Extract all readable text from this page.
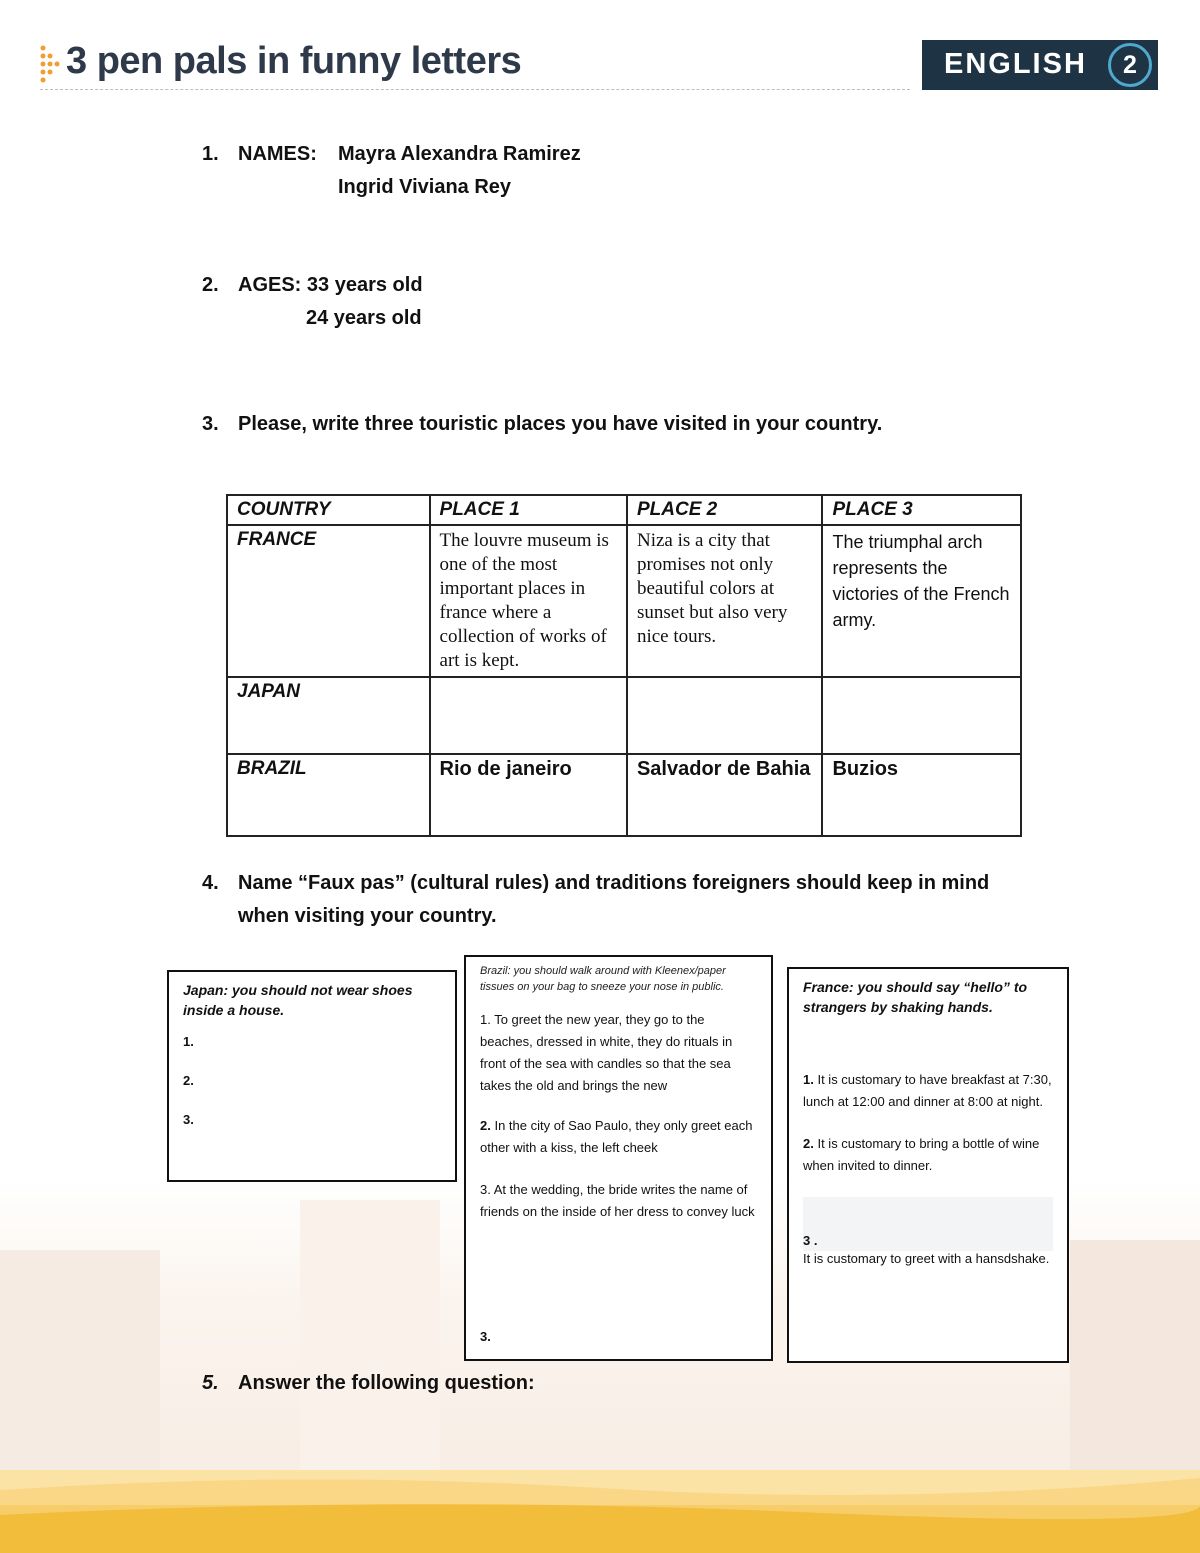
3 pen pals in funny letters	ENGLISH	2
1. NAMES: Mayra Alexandra Ramirez
Ingrid Viviana Rey
2. AGES: 33 years old
24 years old
3. Please, write three touristic places you have visited in your country.
COUNTRY	PLACE 1	PLACE 2	PLACE 3
FRANCE	The louvre museum is one of the most important places in france where a collection of works of art is kept.	Niza is a city that promises not only beautiful colors at sunset but also very nice tours.	The triumphal arch represents the victories of the French army.
JAPAN			
BRAZIL	Rio de janeiro	Salvador de Bahia	Buzios
4. Name “Faux pas” (cultural rules) and traditions foreigners should keep in mind
when visiting your country.
Japan: you should not wear shoes inside a house.
1.
2.
3.
Brazil: you should walk around with Kleenex/paper tissues on your bag to sneeze your nose in public.
1. To greet the new year, they go to the beaches, dressed in white, they do rituals in front of the sea with candles so that the sea takes the old and brings the new
2. In the city of Sao Paulo, they only greet each other with a kiss, the left cheek
3. At the wedding, the bride writes the name of friends on the inside of her dress to convey luck
3.
France: you should say “hello” to strangers by shaking hands.
1. It is customary to have breakfast at 7:30, lunch at 12:00 and dinner at 8:00 at night.
2. It is customary to bring a bottle of wine when invited to dinner.
3 .
It is customary to greet with a hansdshake.
5. Answer the following question:
